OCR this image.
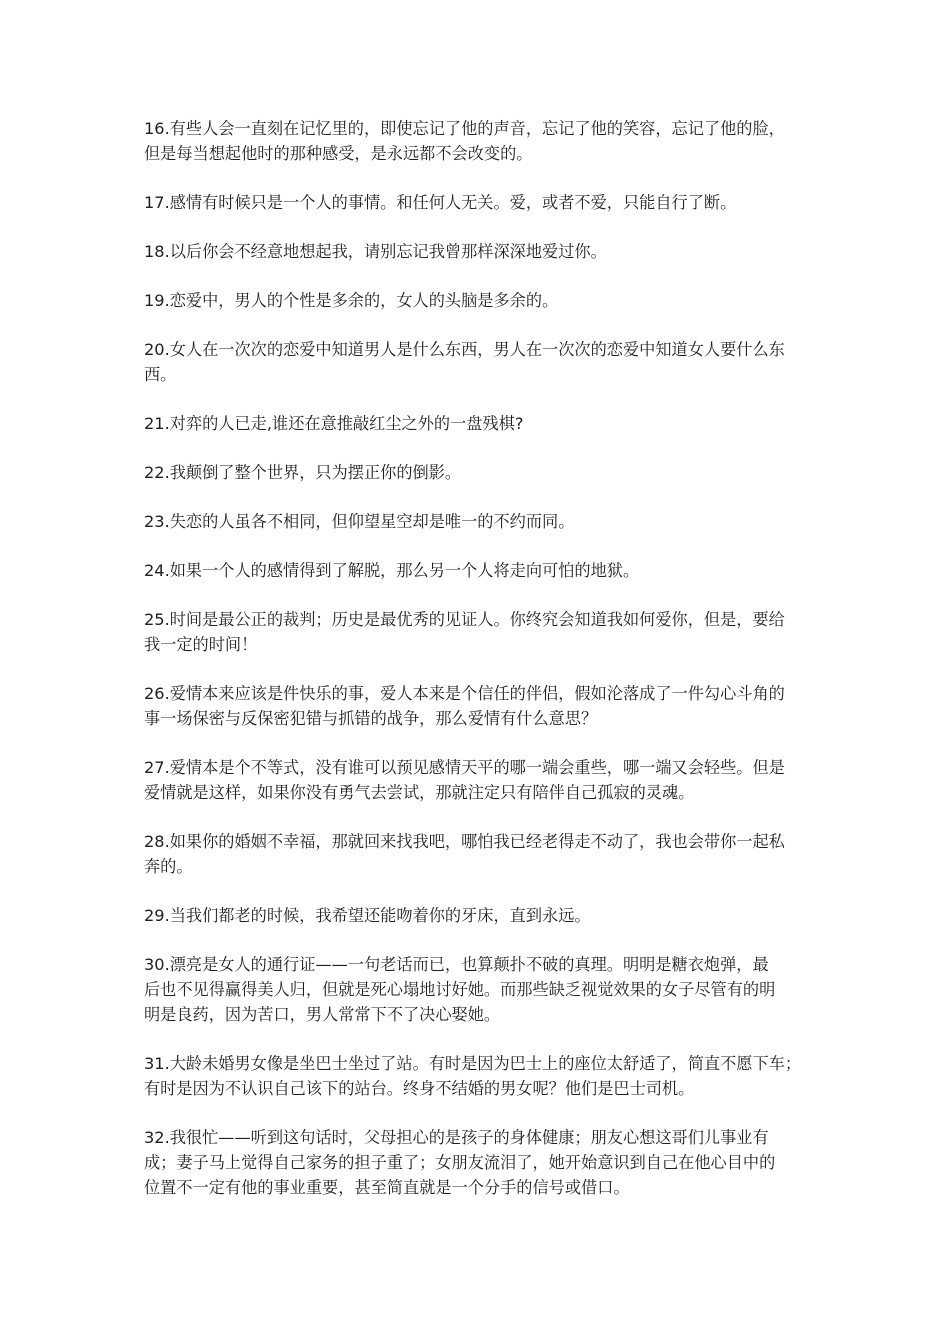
16.有些人会一直刻在记忆里的，即使忘记了他的声音，忘记了他的笑容，忘记了他的脸，
但是每当想起他时的那种感受，是永远都不会改变的。

17.感情有时候只是一个人的事情。和任何人无关。爱，或者不爱，只能自行了断。

18.以后你会不经意地想起我，请别忘记我曾那样深深地爱过你。

19.恋爱中，男人的个性是多余的，女人的头脑是多余的。

20.女人在一次次的恋爱中知道男人是什么东西，男人在一次次的恋爱中知道女人要什么东
西。

21.对弈的人已走,谁还在意推敲红尘之外的一盘残棋?

22.我颠倒了整个世界，只为摆正你的倒影。

23.失恋的人虽各不相同，但仰望星空却是唯一的不约而同。

24.如果一个人的感情得到了解脱，那么另一个人将走向可怕的地狱。

25.时间是最公正的裁判；历史是最优秀的见证人。你终究会知道我如何爱你，但是，要给
我一定的时间！

26.爱情本来应该是件快乐的事，爱人本来是个信任的伴侣，假如沦落成了一件勾心斗角的
事一场保密与反保密犯错与抓错的战争，那么爱情有什么意思？

27.爱情本是个不等式，没有谁可以预见感情天平的哪一端会重些，哪一端又会轻些。但是
爱情就是这样，如果你没有勇气去尝试，那就注定只有陪伴自己孤寂的灵魂。

28.如果你的婚姻不幸福，那就回来找我吧，哪怕我已经老得走不动了，我也会带你一起私
奔的。

29.当我们都老的时候，我希望还能吻着你的牙床，直到永远。

30.漂亮是女人的通行证——一句老话而已，也算颠扑不破的真理。明明是糖衣炮弹，最
后也不见得赢得美人归，但就是死心塌地讨好她。而那些缺乏视觉效果的女子尽管有的明
明是良药，因为苦口，男人常常下不了决心娶她。

31.大龄未婚男女像是坐巴士坐过了站。有时是因为巴士上的座位太舒适了，简直不愿下车；
有时是因为不认识自己该下的站台。终身不结婚的男女呢？他们是巴士司机。

32.我很忙——听到这句话时，父母担心的是孩子的身体健康；朋友心想这哥们儿事业有
成；妻子马上觉得自己家务的担子重了；女朋友流泪了，她开始意识到自己在他心目中的
位置不一定有他的事业重要，甚至简直就是一个分手的信号或借口。
